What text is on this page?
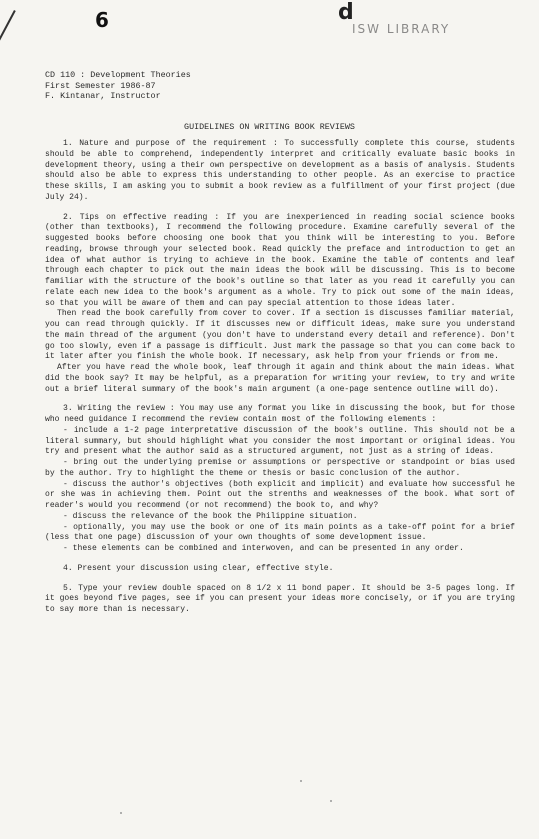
6	d
ISW LIBRARY
CD 110 : Development Theories
First Semester 1986-87
F. Kintanar, Instructor
GUIDELINES ON WRITING BOOK REVIEWS

1. Nature and purpose of the requirement : To successfully complete this course, students should be able to comprehend, independently interpret and critically evaluate basic books in development theory, using a their own perspective on development as a basis of analysis. Students should also be able to express this understanding to other people. As an exercise to practice these skills, I am asking you to submit a book review as a fulfillment of your first project (due July 24).

2. Tips on effective reading : If you are inexperienced in reading social science books (other than textbooks), I recommend the following procedure. Examine carefully several of the suggested books before choosing one book that you think will be interesting to you. Before reading, browse through your selected book. Read quickly the preface and introduction to get an idea of what author is trying to achieve in the book. Examine the table of contents and leaf through each chapter to pick out the main ideas the book will be discussing. This is to become familiar with the structure of the book's outline so that later as you read it carefully you can relate each new idea to the book's argument as a whole. Try to pick out some of the main ideas, so that you will be aware of them and can pay special attention to those ideas later.

Then read the book carefully from cover to cover. If a section is discusses familiar material, you can read through quickly. If it discusses new or difficult ideas, make sure you understand the main thread of the argument (you don't have to understand every detail and reference). Don't go too slowly, even if a passage is difficult. Just mark the passage so that you can come back to it later after you finish the whole book. If necessary, ask help from your friends or from me.

After you have read the whole book, leaf through it again and think about the main ideas. What did the book say? It may be helpful, as a preparation for writing your review, to try and write out a brief literal summary of the book's main argument (a one-page sentence outline will do).

3. Writing the review : You may use any format you like in discussing the book, but for those who need guidance I recommend the review contain most of the following elements :

- include a 1-2 page interpretative discussion of the book's outline. This should not be a literal summary, but should highlight what you consider the most important or original ideas. You try and present what the author said as a structured argument, not just as a string of ideas.

- bring out the underlying premise or assumptions or perspective or standpoint or bias used by the author. Try to highlight the theme or thesis or basic conclusion of the author.

- discuss the author's objectives (both explicit and implicit) and evaluate how successful he or she was in achieving them. Point out the strenths and weaknesses of the book. What sort of reader's would you recommend (or not recommend) the book to, and why?

- discuss the relevance of the book the Philippine situation.

- optionally, you may use the book or one of its main points as a take-off point for a brief (less that one page) discussion of your own thoughts of some development issue.

- these elements can be combined and interwoven, and can be presented in any order.

4. Present your discussion using clear, effective style.

5. Type your review double spaced on 8 1/2 x 11 bond paper. It should be 3-5 pages long. If it goes beyond five pages, see if you can present your ideas more concisely, or if you are trying to say more than is necessary.
